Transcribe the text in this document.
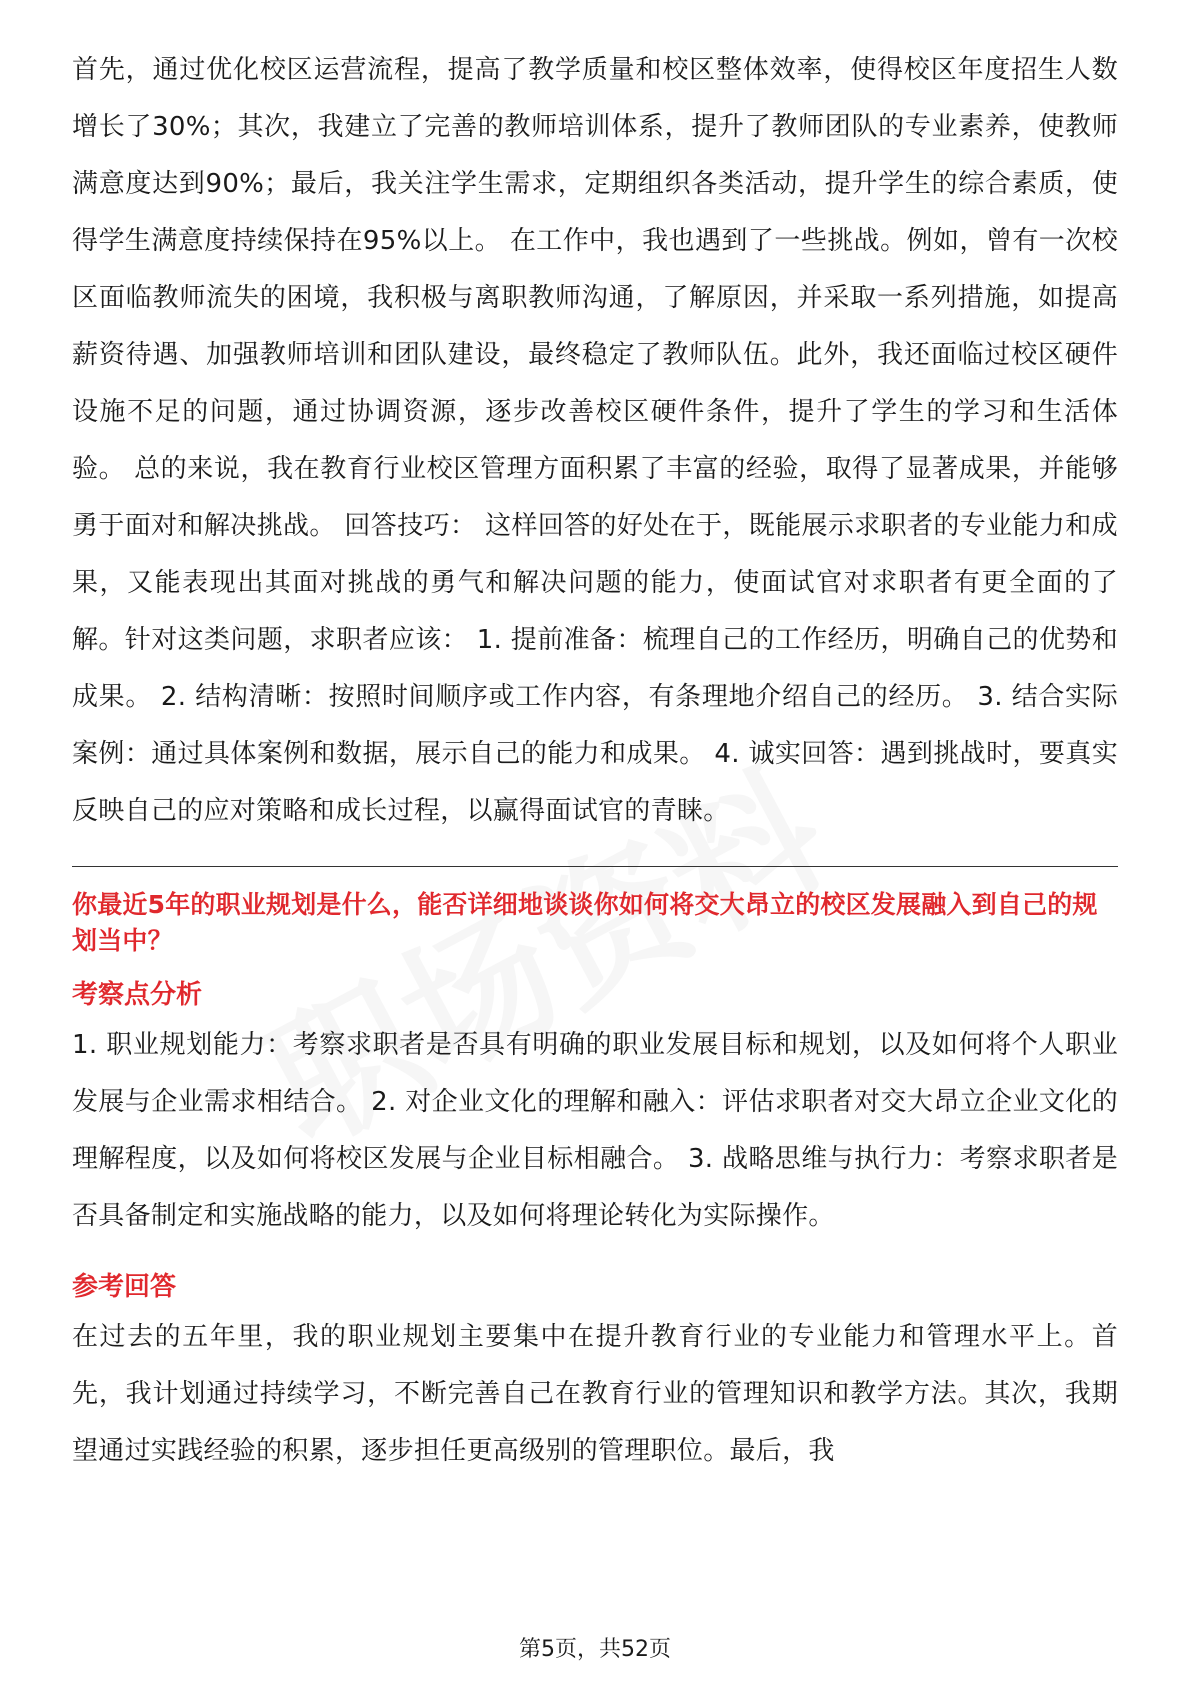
首先，通过优化校区运营流程，提高了教学质量和校区整体效率，使得校区年度招生人数增长了30%；其次，我建立了完善的教师培训体系，提升了教师团队的专业素养，使教师满意度达到90%；最后，我关注学生需求，定期组织各类活动，提升学生的综合素质，使得学生满意度持续保持在95%以上。 在工作中，我也遇到了一些挑战。例如，曾有一次校区面临教师流失的困境，我积极与离职教师沟通，了解原因，并采取一系列措施，如提高薪资待遇、加强教师培训和团队建设，最终稳定了教师队伍。此外，我还面临过校区硬件设施不足的问题，通过协调资源，逐步改善校区硬件条件，提升了学生的学习和生活体验。 总的来说，我在教育行业校区管理方面积累了丰富的经验，取得了显著成果，并能够勇于面对和解决挑战。 回答技巧： 这样回答的好处在于，既能展示求职者的专业能力和成果，又能表现出其面对挑战的勇气和解决问题的能力，使面试官对求职者有更全面的了解。针对这类问题，求职者应该： 1. 提前准备：梳理自己的工作经历，明确自己的优势和成果。 2. 结构清晰：按照时间顺序或工作内容，有条理地介绍自己的经历。 3. 结合实际案例：通过具体案例和数据，展示自己的能力和成果。 4. 诚实回答：遇到挑战时，要真实反映自己的应对策略和成长过程，以赢得面试官的青睐。

你最近5年的职业规划是什么，能否详细地谈谈你如何将交大昂立的校区发展融入到自己的规划当中？

考察点分析

1. 职业规划能力：考察求职者是否具有明确的职业发展目标和规划，以及如何将个人职业发展与企业需求相结合。 2. 对企业文化的理解和融入：评估求职者对交大昂立企业文化的理解程度，以及如何将校区发展与企业目标相融合。 3. 战略思维与执行力：考察求职者是否具备制定和实施战略的能力，以及如何将理论转化为实际操作。

参考回答

在过去的五年里，我的职业规划主要集中在提升教育行业的专业能力和管理水平上。首先，我计划通过持续学习，不断完善自己在教育行业的管理知识和教学方法。其次，我期望通过实践经验的积累，逐步担任更高级别的管理职位。最后，我

第5页，共52页
